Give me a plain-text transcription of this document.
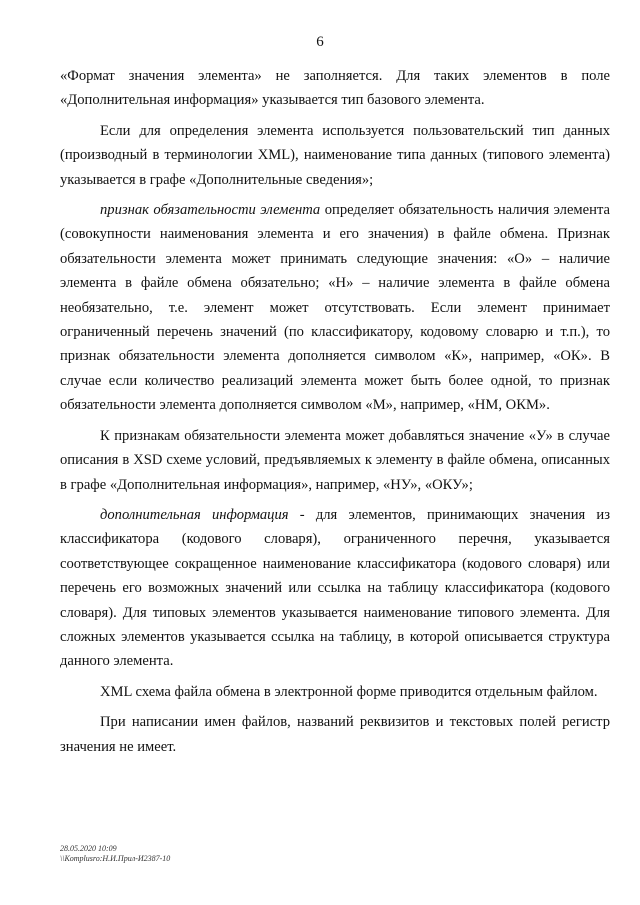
6

«Формат значения элемента» не заполняется. Для таких элементов в поле «Дополнительная информация» указывается тип базового элемента.

Если для определения элемента используется пользовательский тип данных (производный в терминологии XML), наименование типа данных (типового элемента) указывается в графе «Дополнительные сведения»;

признак обязательности элемента определяет обязательность наличия элемента (совокупности наименования элемента и его значения) в файле обмена. Признак обязательности элемента может принимать следующие значения: «О» – наличие элемента в файле обмена обязательно; «Н» – наличие элемента в файле обмена необязательно, т.е. элемент может отсутствовать. Если элемент принимает ограниченный перечень значений (по классификатору, кодовому словарю и т.п.), то признак обязательности элемента дополняется символом «К», например, «ОК». В случае если количество реализаций элемента может быть более одной, то признак обязательности элемента дополняется символом «М», например, «НМ, ОКМ».

К признакам обязательности элемента может добавляться значение «У» в случае описания в XSD схеме условий, предъявляемых к элементу в файле обмена, описанных в графе «Дополнительная информация», например, «НУ», «ОКУ»;

дополнительная информация - для элементов, принимающих значения из классификатора (кодового словаря), ограниченного перечня, указывается соответствующее сокращенное наименование классификатора (кодового словаря) или перечень его возможных значений или ссылка на таблицу классификатора (кодового словаря). Для типовых элементов указывается наименование типового элемента. Для сложных элементов указывается ссылка на таблицу, в которой описывается структура данного элемента.

XML схема файла обмена в электронной форме приводится отдельным файлом.

При написании имен файлов, названий реквизитов и текстовых полей регистр значения не имеет.

28.05.2020 10:09
\\Komplusro:Н.И.Прил-И2387-10
